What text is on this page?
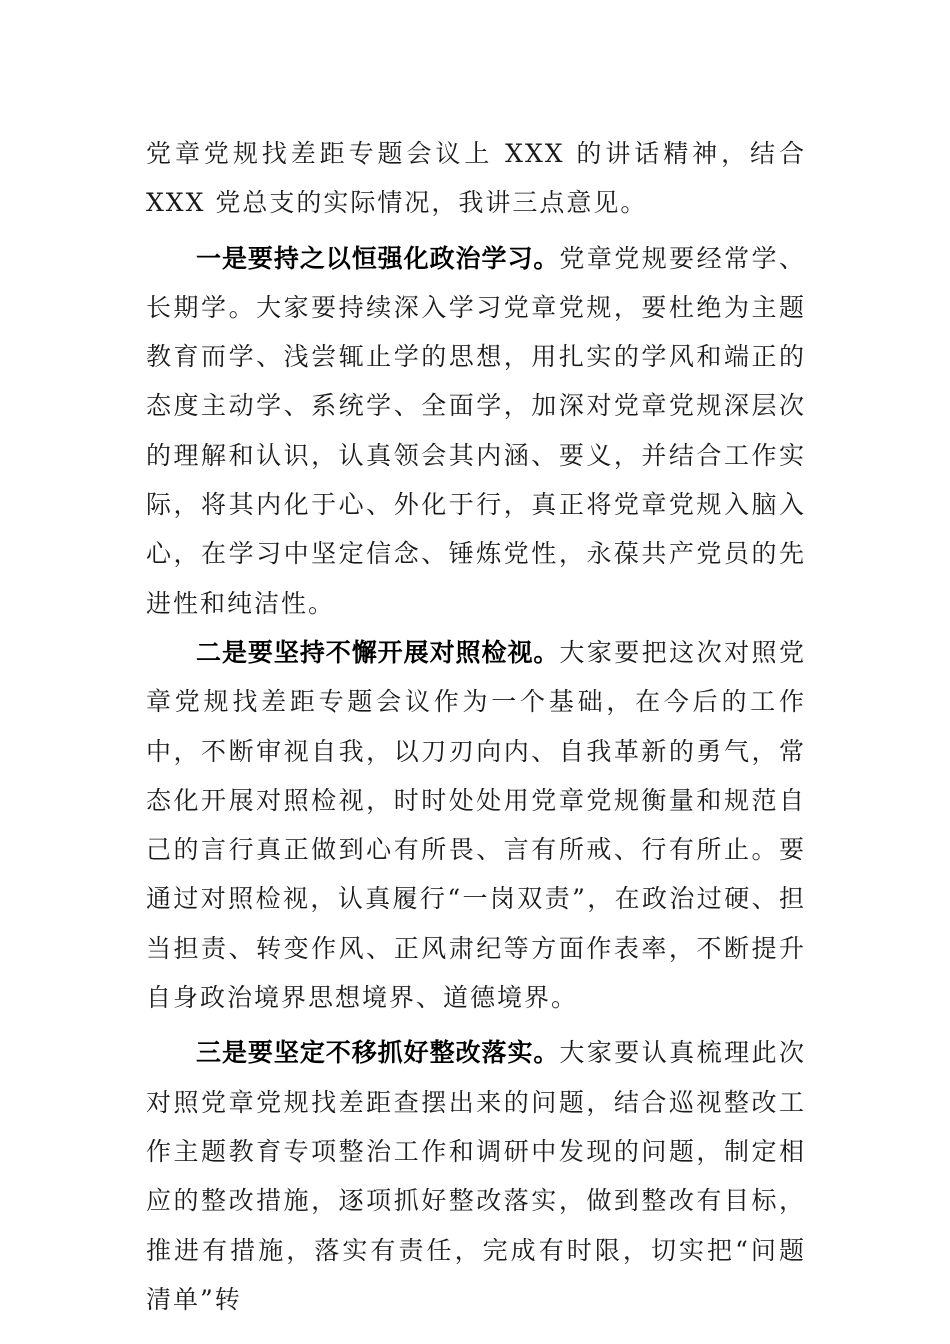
党章党规找差距专题会议上 XXX 的讲话精神，结合 XXX 党总支的实际情况，我讲三点意见。

一是要持之以恒强化政治学习。党章党规要经常学、长期学。大家要持续深入学习党章党规，要杜绝为主题教育而学、浅尝辄止学的思想，用扎实的学风和端正的态度主动学、系统学、全面学，加深对党章党规深层次的理解和认识，认真领会其内涵、要义，并结合工作实际，将其内化于心、外化于行，真正将党章党规入脑入心，在学习中坚定信念、锤炼党性，永葆共产党员的先进性和纯洁性。

二是要坚持不懈开展对照检视。大家要把这次对照党章党规找差距专题会议作为一个基础，在今后的工作中，不断审视自我，以刀刃向内、自我革新的勇气，常态化开展对照检视，时时处处用党章党规衡量和规范自己的言行真正做到心有所畏、言有所戒、行有所止。要通过对照检视，认真履行“一岗双责”，在政治过硬、担当担责、转变作风、正风肃纪等方面作表率，不断提升自身政治境界思想境界、道德境界。

三是要坚定不移抓好整改落实。大家要认真梳理此次对照党章党规找差距查摆出来的问题，结合巡视整改工作主题教育专项整治工作和调研中发现的问题，制定相应的整改措施，逐项抓好整改落实，做到整改有目标，推进有措施，落实有责任，完成有时限，切实把“问题清单”转
